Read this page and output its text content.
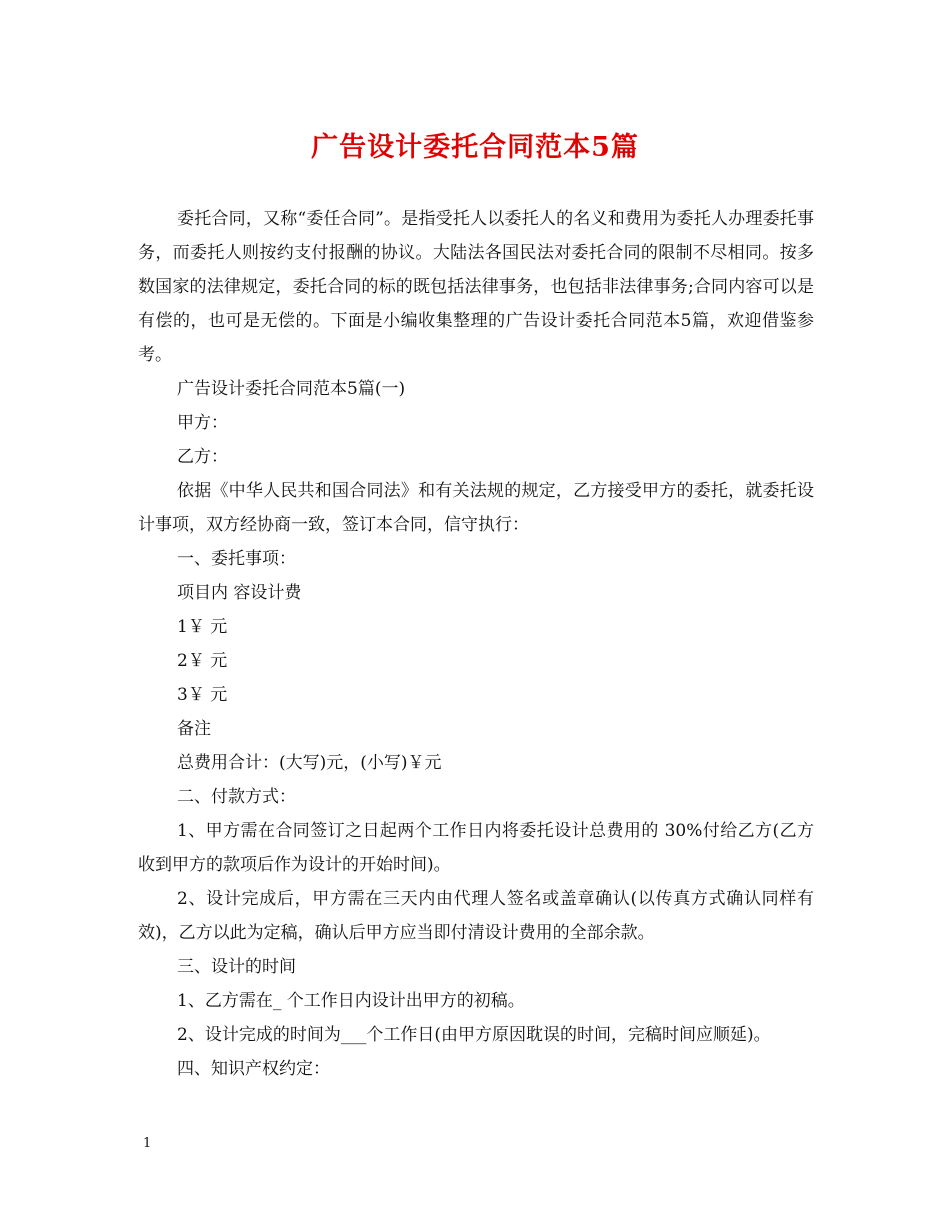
广告设计委托合同范本5篇

委托合同，又称“委任合同”。是指受托人以委托人的名义和费用为委托人办理委托事务，而委托人则按约支付报酬的协议。大陆法各国民法对委托合同的限制不尽相同。按多数国家的法律规定，委托合同的标的既包括法律事务，也包括非法律事务;合同内容可以是有偿的，也可是无偿的。下面是小编收集整理的广告设计委托合同范本5篇，欢迎借鉴参考。

广告设计委托合同范本5篇(一)

甲方：

乙方：

依据《中华人民共和国合同法》和有关法规的规定，乙方接受甲方的委托，就委托设计事项，双方经协商一致，签订本合同，信守执行：

一、委托事项：

项目内 容设计费

1￥ 元

2￥ 元

3￥ 元

备注

总费用合计：(大写)元，(小写)￥元

二、付款方式：

1、甲方需在合同签订之日起两个工作日内将委托设计总费用的 30%付给乙方(乙方收到甲方的款项后作为设计的开始时间)。

2、设计完成后，甲方需在三天内由代理人签名或盖章确认(以传真方式确认同样有效)，乙方以此为定稿，确认后甲方应当即付清设计费用的全部余款。

三、设计的时间

1、乙方需在_ 个工作日内设计出甲方的初稿。

2、设计完成的时间为___个工作日(由甲方原因耽误的时间，完稿时间应顺延)。

四、知识产权约定：

1
